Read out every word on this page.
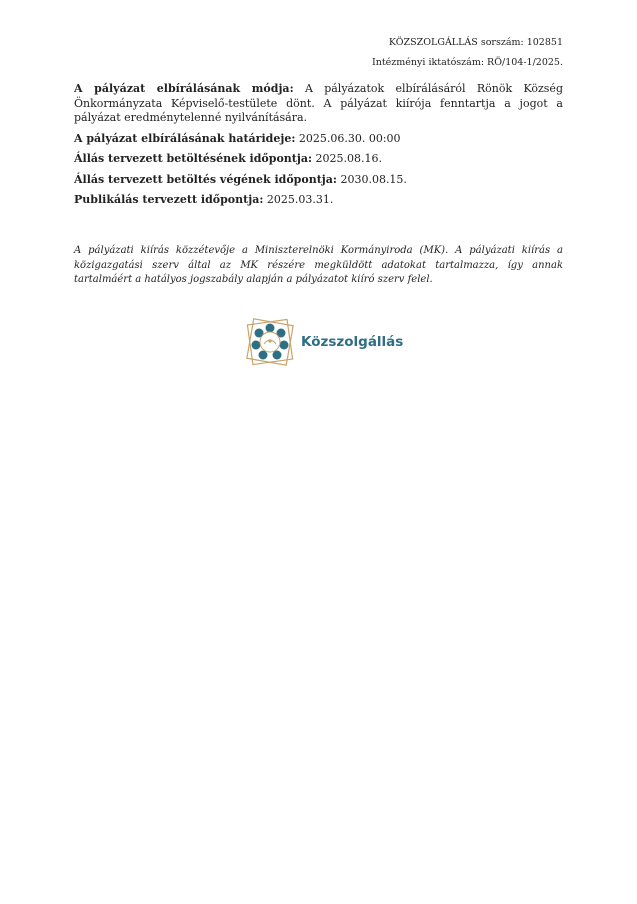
KÖZSZOLGÁLLÁS sorszám: 102851
Intézményi iktatószám: RÖ/104-1/2025.

A pályázat elbírálásának módja: A pályázatok elbírálásáról Rönök Község Önkormányzata Képviselő-testülete dönt. A pályázat kiírója fenntartja a jogot a pályázat eredménytelenné nyilvánítására.

A pályázat elbírálásának határideje: 2025.06.30. 00:00

Állás tervezett betöltésének időpontja: 2025.08.16.

Állás tervezett betöltés végének időpontja: 2030.08.15.

Publikálás tervezett időpontja: 2025.03.31.

A pályázati kiírás közzétevője a Miniszterelnöki Kormányiroda (MK). A pályázati kiírás a közigazgatási szerv által az MK részére megküldött adatokat tartalmazza, így annak tartalmáért a hatályos jogszabály alapján a pályázatot kiíró szerv felel.
Közszolgállás
